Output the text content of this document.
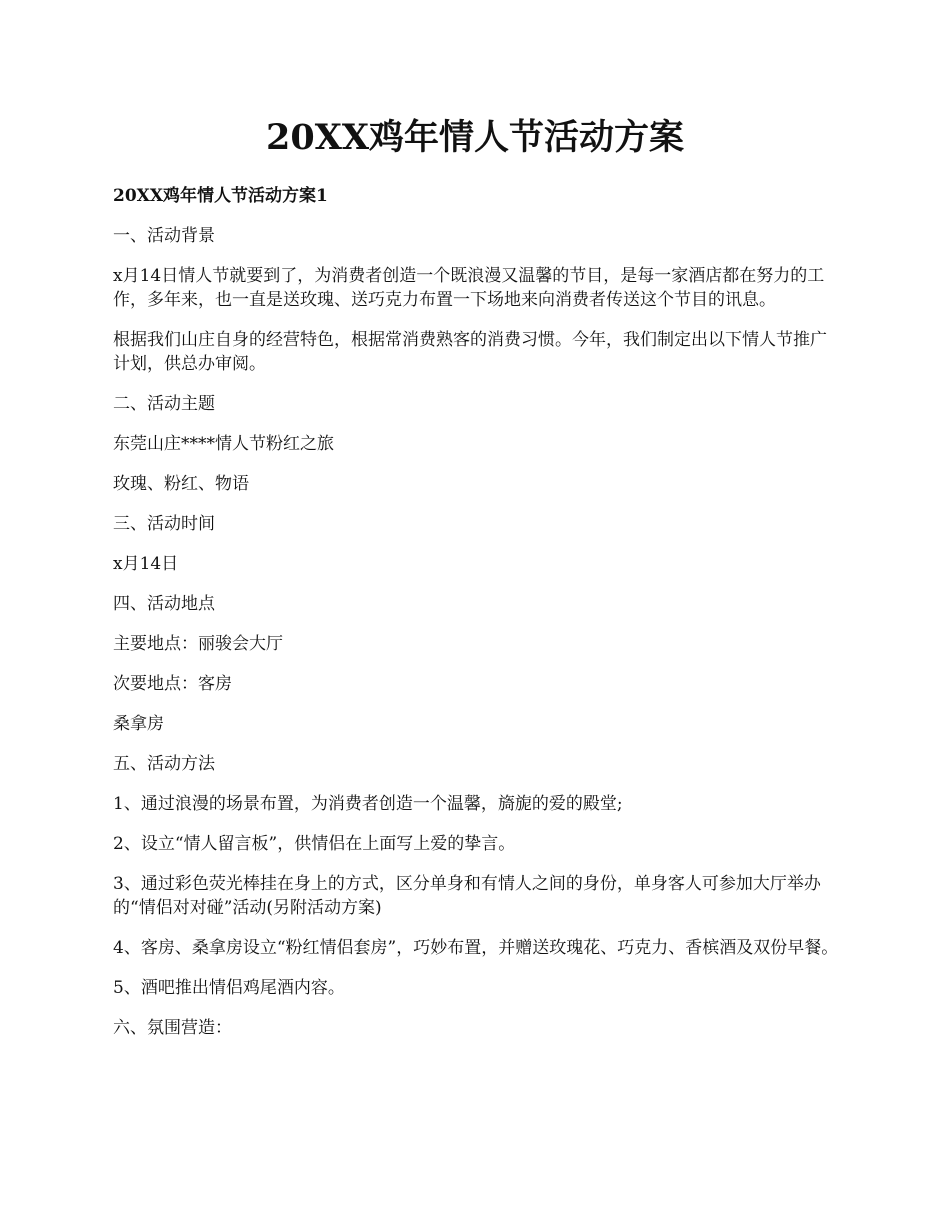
20XX鸡年情人节活动方案

20XX鸡年情人节活动方案1

一、活动背景

x月14日情人节就要到了，为消费者创造一个既浪漫又温馨的节目，是每一家酒店都在努力的工作，多年来，也一直是送玫瑰、送巧克力布置一下场地来向消费者传送这个节目的讯息。

根据我们山庄自身的经营特色，根据常消费熟客的消费习惯。今年，我们制定出以下情人节推广计划，供总办审阅。

二、活动主题

东莞山庄****情人节粉红之旅

玫瑰、粉红、物语

三、活动时间

x月14日

四、活动地点

主要地点：丽骏会大厅

次要地点：客房

桑拿房

五、活动方法

1、通过浪漫的场景布置，为消费者创造一个温馨，旖旎的爱的殿堂;

2、设立“情人留言板”，供情侣在上面写上爱的挚言。

3、通过彩色荧光棒挂在身上的方式，区分单身和有情人之间的身份，单身客人可参加大厅举办的“情侣对对碰”活动(另附活动方案)

4、客房、桑拿房设立“粉红情侣套房”，巧妙布置，并赠送玫瑰花、巧克力、香槟酒及双份早餐。

5、酒吧推出情侣鸡尾酒内容。

六、氛围营造：
